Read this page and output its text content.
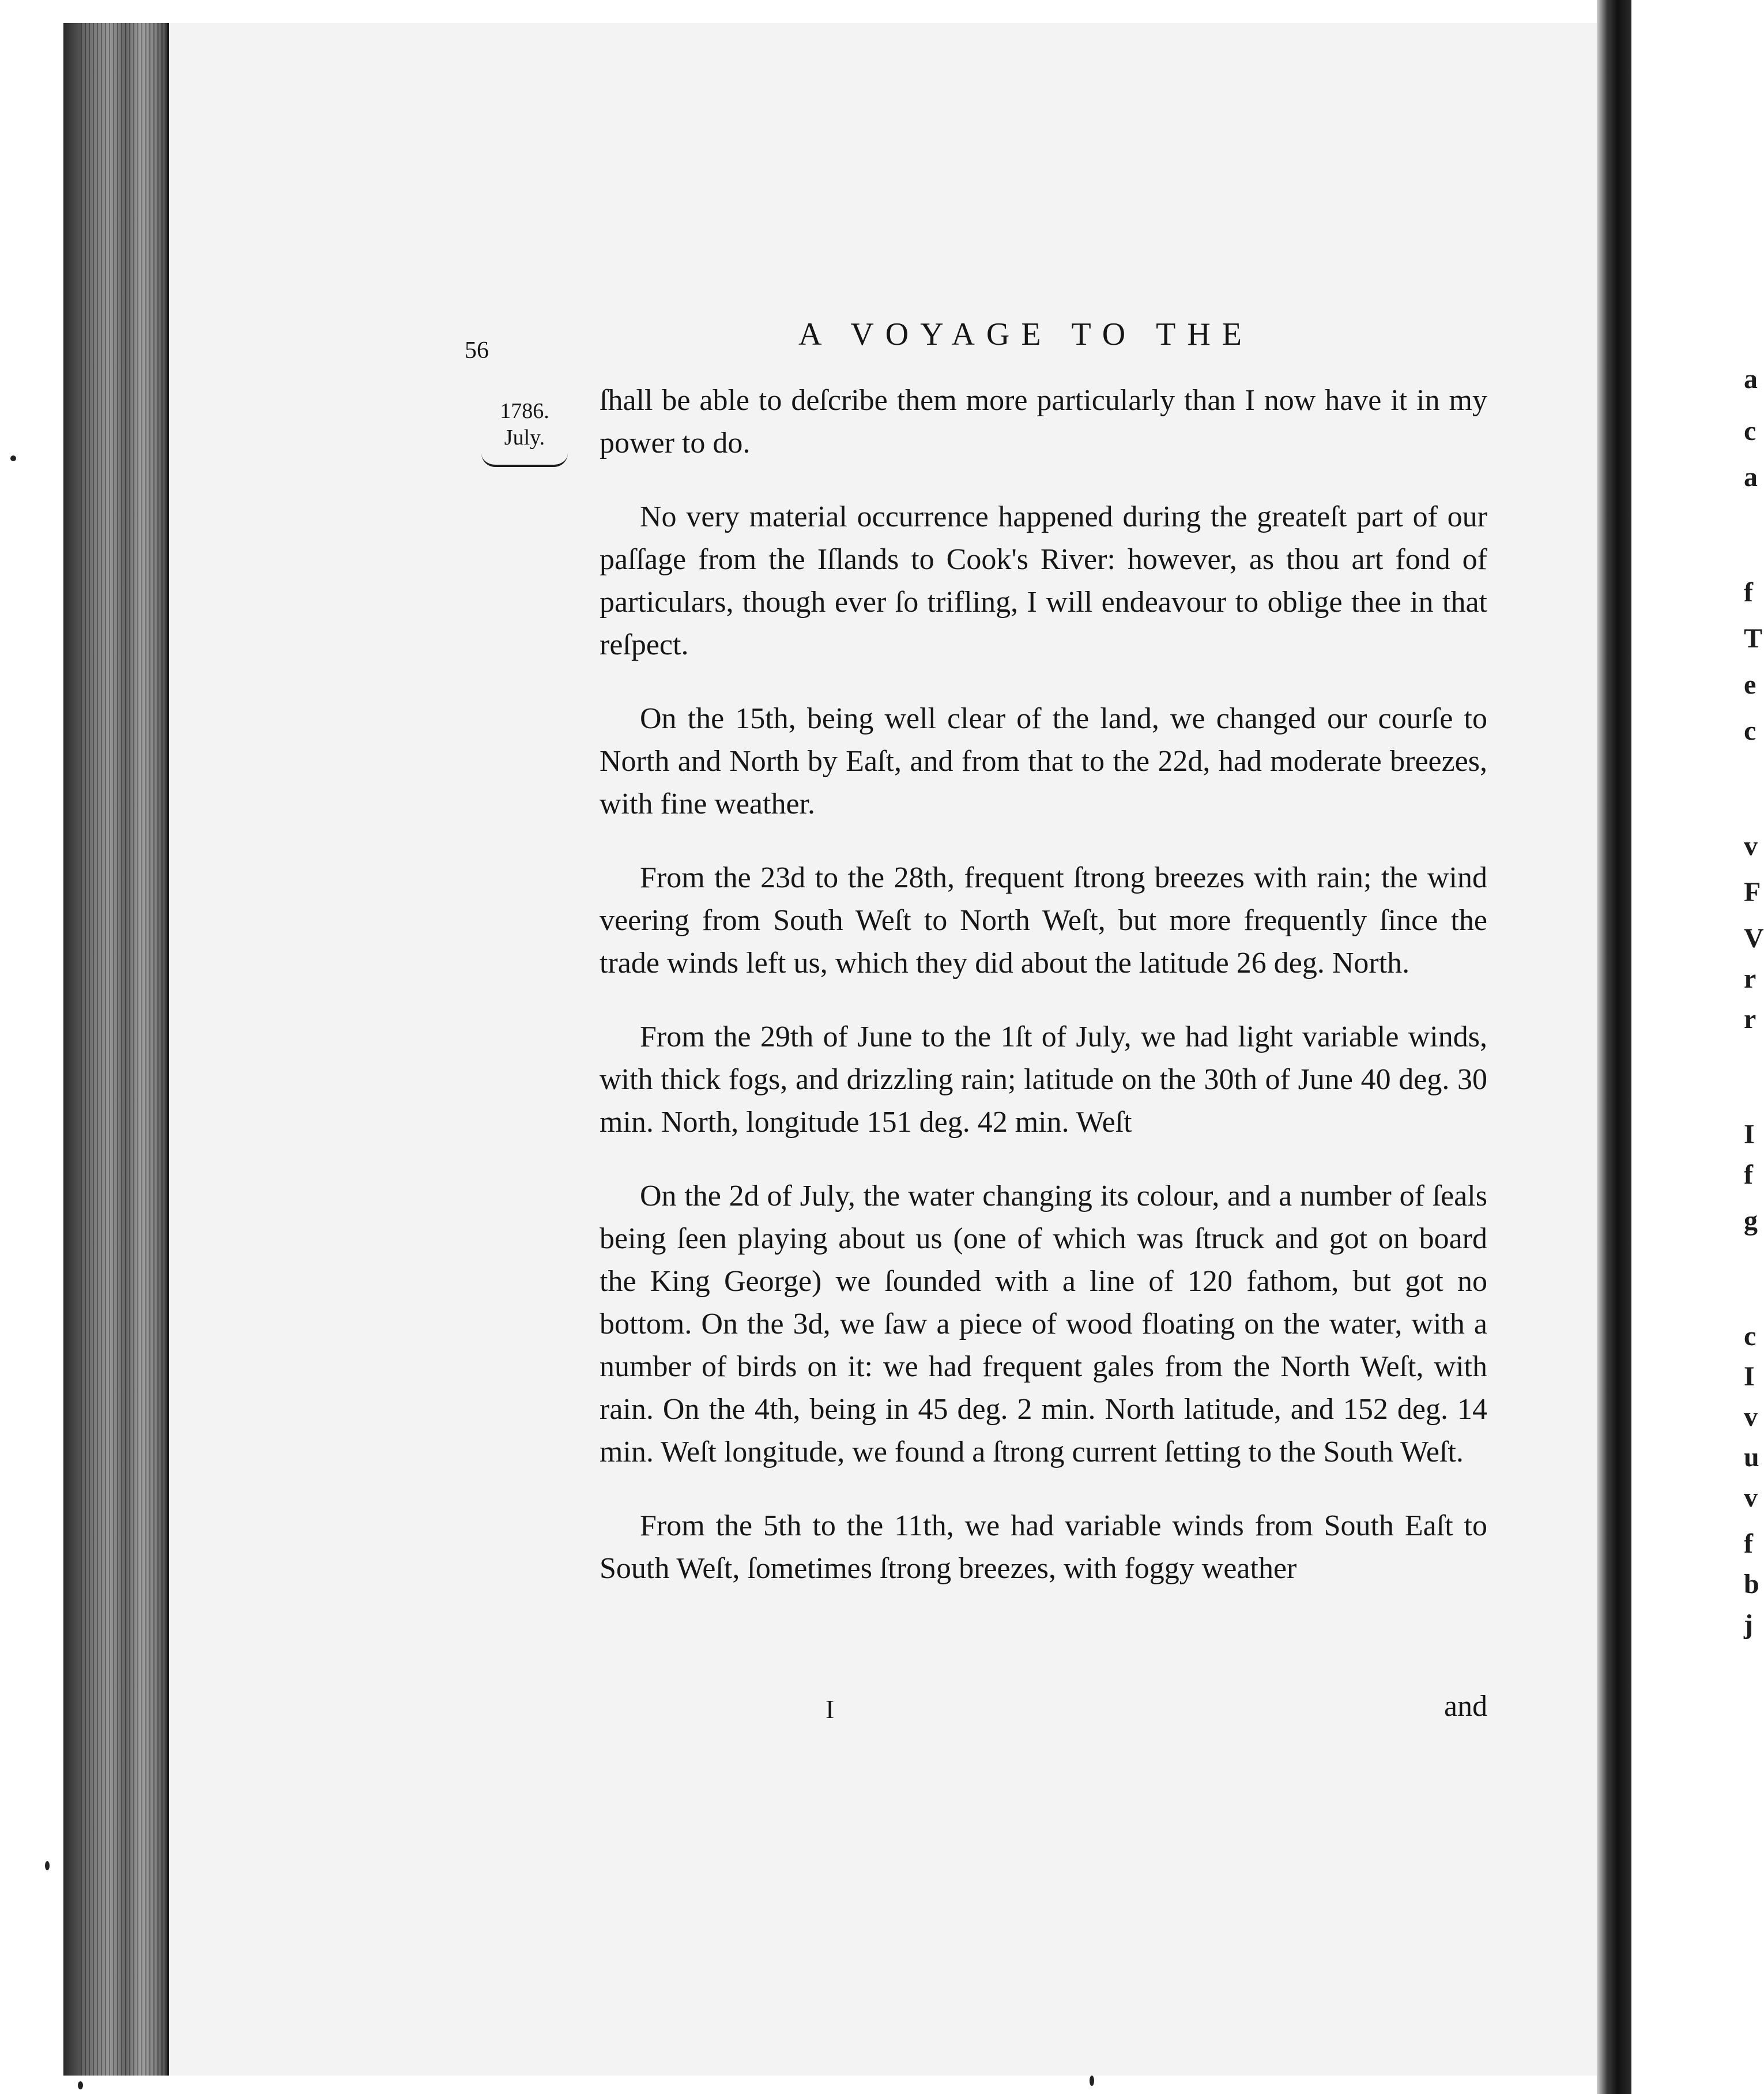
56	A VOYAGE TO THE
1786.
July.

ſhall be able to deſcribe them more particularly than I now have it in my power to do.

No very material occurrence happened during the greateſt part of our paſſage from the Iſlands to Cook's River: however, as thou art fond of particulars, though ever ſo trifling, I will endeavour to oblige thee in that reſpect.

On the 15th, being well clear of the land, we changed our courſe to North and North by Eaſt, and from that to the 22d, had moderate breezes, with fine weather.

From the 23d to the 28th, frequent ſtrong breezes with rain; the wind veering from South Weſt to North Weſt, but more frequently ſince the trade winds left us, which they did about the latitude 26 deg. North.

From the 29th of June to the 1ſt of July, we had light variable winds, with thick fogs, and drizzling rain; latitude on the 30th of June 40 deg. 30 min. North, longitude 151 deg. 42 min. Weſt

On the 2d of July, the water changing its colour, and a number of ſeals being ſeen playing about us (one of which was ſtruck and got on board the King George) we ſounded with a line of 120 fathom, but got no bottom. On the 3d, we ſaw a piece of wood floating on the water, with a number of birds on it: we had frequent gales from the North Weſt, with rain. On the 4th, being in 45 deg. 2 min. North latitude, and 152 deg. 14 min. Weſt longitude, we found a ſtrong current ſetting to the South Weſt.

From the 5th to the 11th, we had variable winds from South Eaſt to South Weſt, ſometimes ſtrong breezes, with foggy weather

I	and
a
c
a
f
T
e
c
v
F
V
r
r
I
f
g
c
I
v
u
v
f
b
j
